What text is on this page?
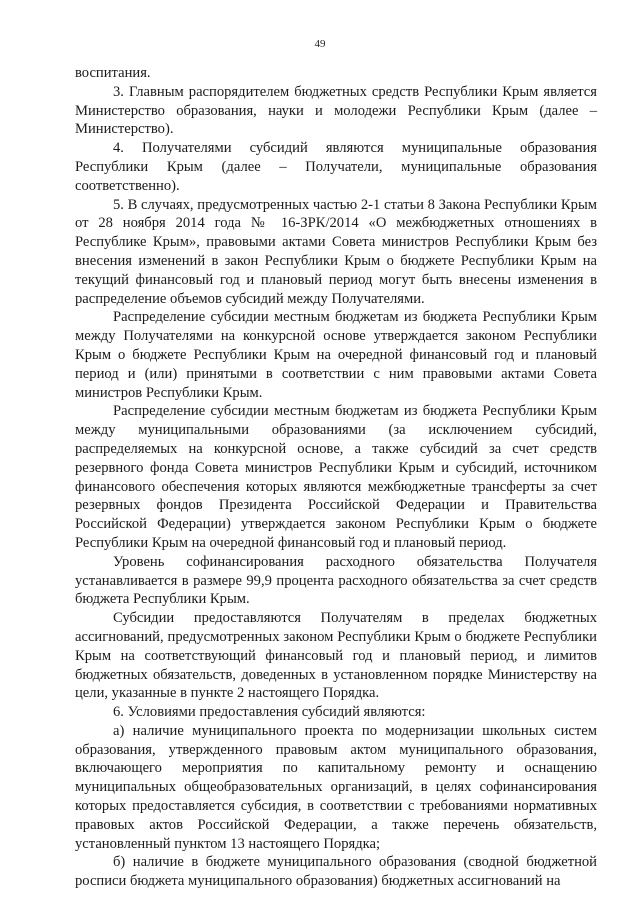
49

воспитания.

3. Главным распорядителем бюджетных средств Республики Крым является Министерство образования, науки и молодежи Республики Крым (далее – Министерство).

4. Получателями субсидий являются муниципальные образования Республики Крым (далее – Получатели, муниципальные образования соответственно).

5. В случаях, предусмотренных частью 2-1 статьи 8 Закона Республики Крым от 28 ноября 2014 года № 16-ЗРК/2014 «О межбюджетных отношениях в Республике Крым», правовыми актами Совета министров Республики Крым без внесения изменений в закон Республики Крым о бюджете Республики Крым на текущий финансовый год и плановый период могут быть внесены изменения в распределение объемов субсидий между Получателями.

Распределение субсидии местным бюджетам из бюджета Республики Крым между Получателями на конкурсной основе утверждается законом Республики Крым о бюджете Республики Крым на очередной финансовый год и плановый период и (или) принятыми в соответствии с ним правовыми актами Совета министров Республики Крым.

Распределение субсидии местным бюджетам из бюджета Республики Крым между муниципальными образованиями (за исключением субсидий, распределяемых на конкурсной основе, а также субсидий за счет средств резервного фонда Совета министров Республики Крым и субсидий, источником финансового обеспечения которых являются межбюджетные трансферты за счет резервных фондов Президента Российской Федерации и Правительства Российской Федерации) утверждается законом Республики Крым о бюджете Республики Крым на очередной финансовый год и плановый период.

Уровень софинансирования расходного обязательства Получателя устанавливается в размере 99,9 процента расходного обязательства за счет средств бюджета Республики Крым.

Субсидии предоставляются Получателям в пределах бюджетных ассигнований, предусмотренных законом Республики Крым о бюджете Республики Крым на соответствующий финансовый год и плановый период, и лимитов бюджетных обязательств, доведенных в установленном порядке Министерству на цели, указанные в пункте 2 настоящего Порядка.

6. Условиями предоставления субсидий являются:

а) наличие муниципального проекта по модернизации школьных систем образования, утвержденного правовым актом муниципального образования, включающего мероприятия по капитальному ремонту и оснащению муниципальных общеобразовательных организаций, в целях софинансирования которых предоставляется субсидия, в соответствии с требованиями нормативных правовых актов Российской Федерации, а также перечень обязательств, установленный пунктом 13 настоящего Порядка;

б) наличие в бюджете муниципального образования (сводной бюджетной росписи бюджета муниципального образования) бюджетных ассигнований на
